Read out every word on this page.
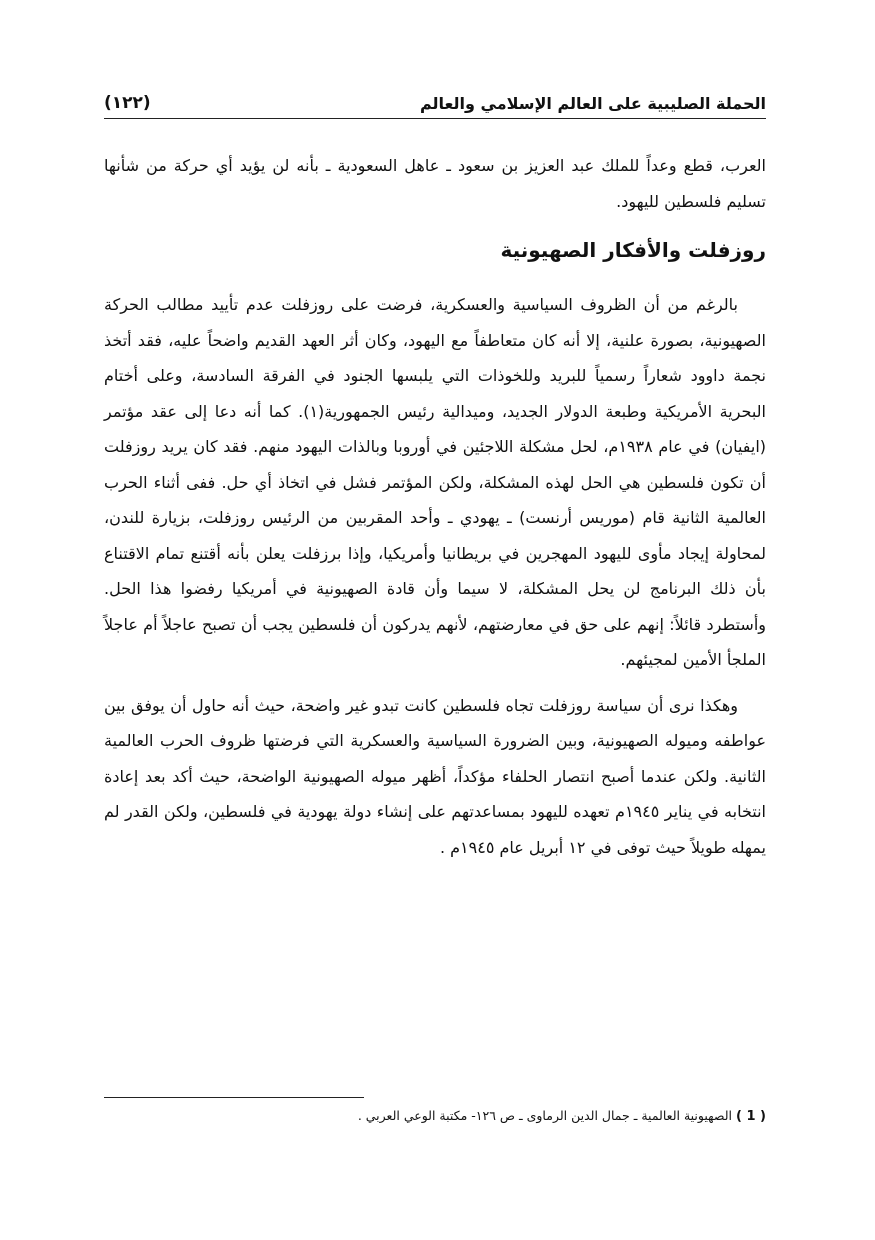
الحملة الصليبية على العالم الإسلامي والعالم
(١٢٢)

العرب، قطع وعداً للملك عبد العزيز بن سعود ـ عاهل السعودية ـ بأنه لن يؤيد أي حركة من شأنها تسليم فلسطين لليهود.

روزفلت والأفكار الصهيونية

بالرغم من أن الظروف السياسية والعسكرية، فرضت على روزفلت عدم تأييد مطالب الحركة الصهيونية، بصورة علنية، إلا أنه كان متعاطفاً مع اليهود، وكان أثر العهد القديم واضحاً عليه، فقد أتخذ نجمة داوود شعاراً رسمياً للبريد وللخوذات التي يلبسها الجنود في الفرقة السادسة، وعلى أختام البحرية الأمريكية وطبعة الدولار الجديد، وميدالية رئيس الجمهورية(١). كما أنه دعا إلى عقد مؤتمر (ايفيان) في عام ١٩٣٨م، لحل مشكلة اللاجئين في أوروبا وبالذات اليهود منهم. فقد كان يريد روزفلت أن تكون فلسطين هي الحل لهذه المشكلة، ولكن المؤتمر فشل في اتخاذ أي حل. ففى أثناء الحرب العالمية الثانية قام (موريس أرنست) ـ يهودي ـ وأحد المقربين من الرئيس روزفلت، بزيارة للندن، لمحاولة إيجاد مأوى لليهود المهجرين في بريطانيا وأمريكيا، وإذا برزفلت يعلن بأنه أقتنع تمام الاقتناع بأن ذلك البرنامج لن يحل المشكلة، لا سيما وأن قادة الصهيونية في أمريكيا رفضوا هذا الحل. وأستطرد قائلاً: إنهم على حق في معارضتهم، لأنهم يدركون أن فلسطين يجب أن تصبح عاجلاً أم عاجلاً الملجأ الأمين لمجيئهم.

وهكذا نرى أن سياسة روزفلت تجاه فلسطين كانت تبدو غير واضحة، حيث أنه حاول أن يوفق بين عواطفه وميوله الصهيونية، وبين الضرورة السياسية والعسكرية التي فرضتها ظروف الحرب العالمية الثانية. ولكن عندما أصبح انتصار الحلفاء مؤكداً، أظهر ميوله الصهيونية الواضحة، حيث أكد بعد إعادة انتخابه في يناير ١٩٤٥م تعهده لليهود بمساعدتهم على إنشاء دولة يهودية في فلسطين، ولكن القدر لم يمهله طويلاً حيث توفى في ١٢ أبريل عام ١٩٤٥م .

( 1 ) الصهيونية العالمية ـ جمال الدين الرماوى ـ ص ١٢٦- مكتبة الوعي العربي .
